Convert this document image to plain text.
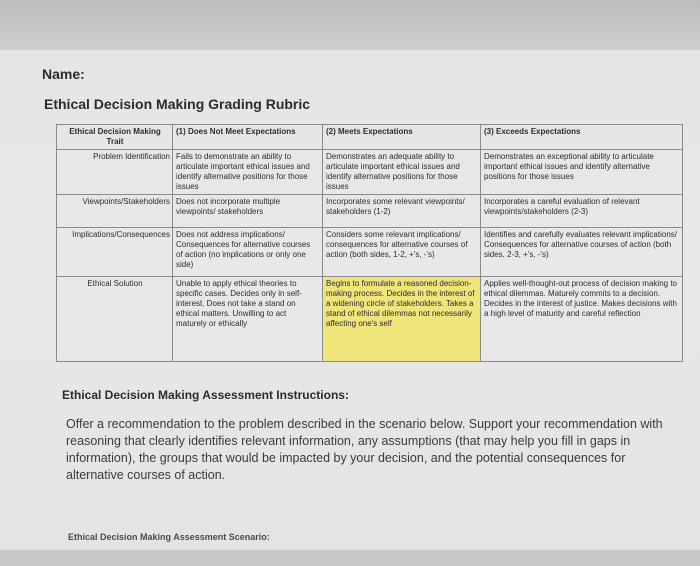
Name:
Ethical Decision Making Grading Rubric
Ethical Decision Making Trait	(1) Does Not Meet Expectations	(2) Meets Expectations	(3) Exceeds Expectations
Problem Identification	Fails to demonstrate an ability to articulate important ethical issues and identify alternative positions for those issues	Demonstrates an adequate ability to articulate important ethical issues and identify alternative positions for those issues	Demonstrates an exceptional ability to articulate important ethical issues and identify alternative positions for those issues
Viewpoints/Stakeholders	Does not incorporate multiple viewpoints/ stakeholders	Incorporates some relevant viewpoints/ stakeholders (1-2)	Incorporates a careful evaluation of relevant viewpoints/stakeholders (2-3)
Implications/Consequences	Does not address implications/ Consequences for alternative courses of action (no implications or only one side)	Considers some relevant implications/ consequences for alternative courses of action (both sides, 1-2, +'s, -'s)	Identifies and carefully evaluates relevant implications/ Consequences for alternative courses of action (both sides, 2-3, +'s, -'s)
Ethical Solution	Unable to apply ethical theories to specific cases. Decides only in self-interest. Does not take a stand on ethical matters. Unwilling to act maturely or ethically	Begins to formulate a reasoned decision-making process. Decides in the interest of a widening circle of stakeholders. Takes a stand of ethical dilemmas not necessarily affecting one's self	Applies well-thought-out process of decision making to ethical dilemmas. Maturely commits to a decision. Decides in the interest of justice. Makes decisions with a high level of maturity and careful reflection
Ethical Decision Making Assessment Instructions:
Offer a recommendation to the problem described in the scenario below. Support your recommendation with reasoning that clearly identifies relevant information, any assumptions (that may help you fill in gaps in information), the groups that would be impacted by your decision, and the potential consequences for alternative courses of action.
Ethical Decision Making Assessment Scenario:
